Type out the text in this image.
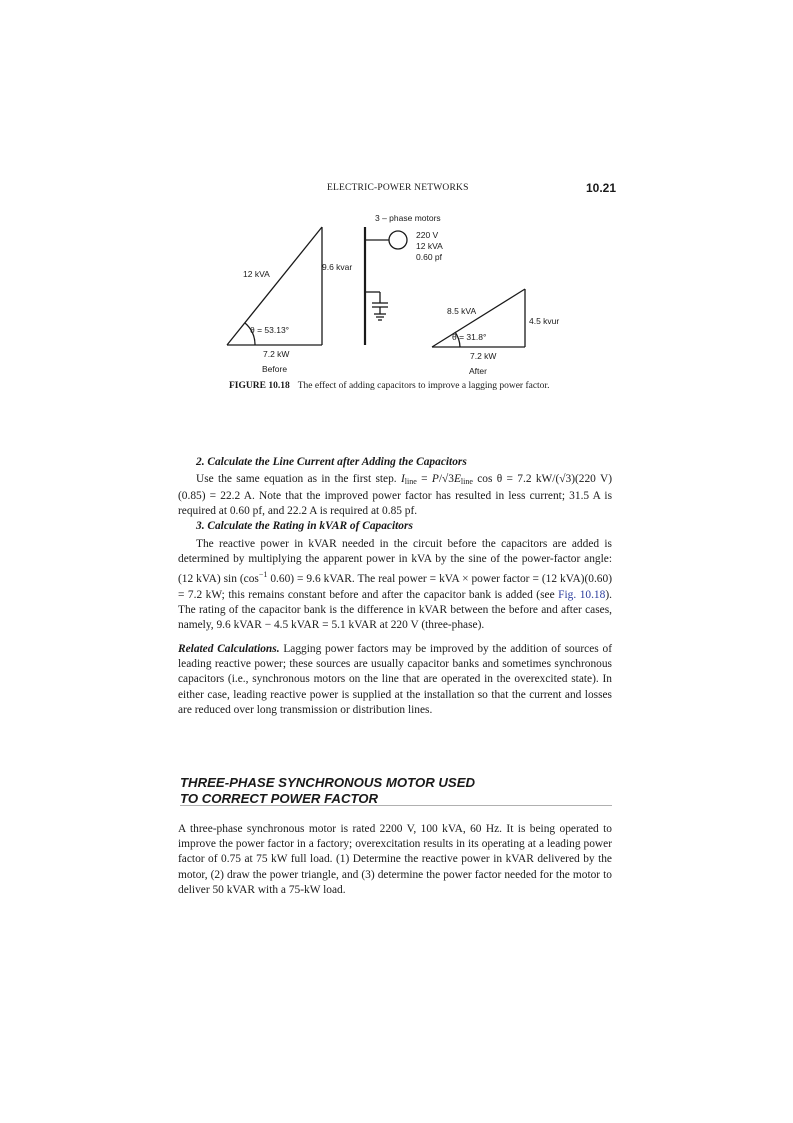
ELECTRIC-POWER NETWORKS	10.21
12 kVA
9.6 kvar
θ = 53.13°
7.2 kW
Before
3 – phase motors
220 V
12 kVA
0.60 pf
8.5 kVA
4.5 kvur
θ = 31.8°
7.2 kW
After
FIGURE 10.18 The effect of adding capacitors to improve a lagging power factor.
2. Calculate the Line Current after Adding the Capacitors
Use the same equation as in the first step. $I_{line} = P/√3E_{line}$ cos θ = 7.2 kW/(√3)(220 V)(0.85) = 22.2 A. Note that the improved power factor has resulted in less current; 31.5 A is required at 0.60 pf, and 22.2 A is required at 0.85 pf.
3. Calculate the Rating in kVAR of Capacitors
The reactive power in kVAR needed in the circuit before the capacitors are added is determined by multiplying the apparent power in kVA by the sine of the power-factor angle: (12 kVA) $\sin (\cos^{-1}$ 0.60) = 9.6 kVAR. The real power = kVA × power factor = (12 kVA)(0.60) = 7.2 kW; this remains constant before and after the capacitor bank is added (see Fig. 10.18). The rating of the capacitor bank is the difference in kVAR between the before and after cases, namely, 9.6 kVAR − 4.5 kVAR = 5.1 kVAR at 220 V (three-phase).
Related Calculations. Lagging power factors may be improved by the addition of sources of leading reactive power; these sources are usually capacitor banks and sometimes synchronous capacitors (i.e., synchronous motors on the line that are operated in the overexcited state). In either case, leading reactive power is supplied at the installation so that the current and losses are reduced over long transmission or distribution lines.
THREE-PHASE SYNCHRONOUS MOTOR USED
TO CORRECT POWER FACTOR
A three-phase synchronous motor is rated 2200 V, 100 kVA, 60 Hz. It is being operated to improve the power factor in a factory; overexcitation results in its operating at a leading power factor of 0.75 at 75 kW full load. (1) Determine the reactive power in kVAR delivered by the motor, (2) draw the power triangle, and (3) determine the power factor needed for the motor to deliver 50 kVAR with a 75-kW load.
